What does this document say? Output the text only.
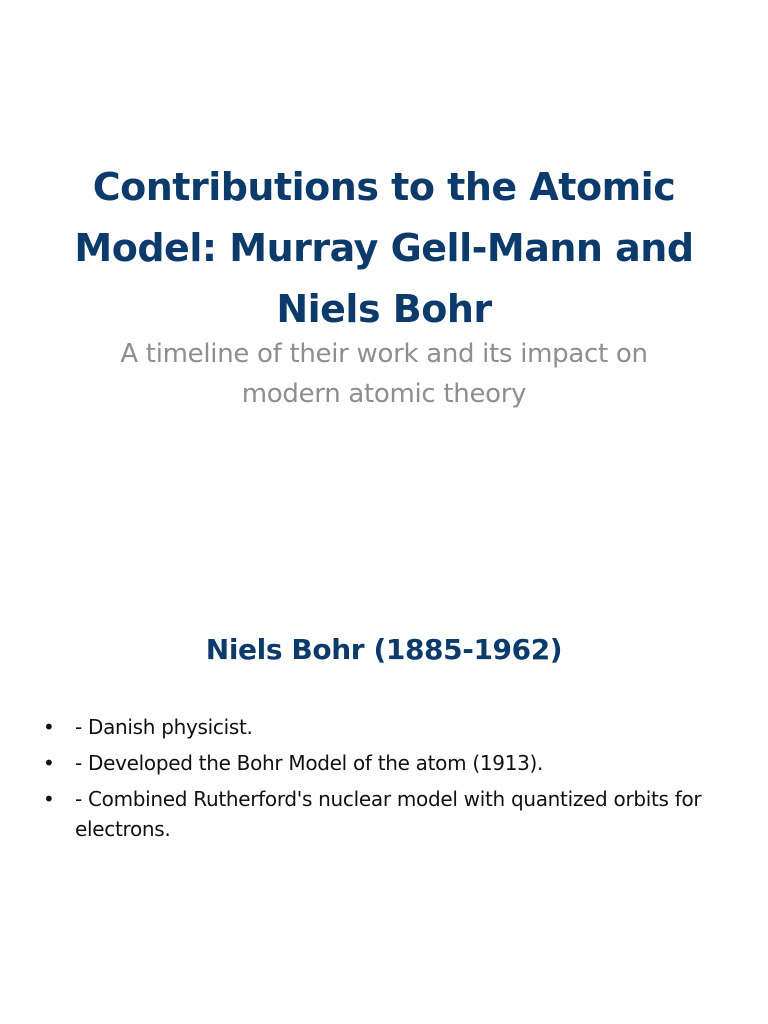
Contributions to the Atomic Model: Murray Gell-Mann and Niels Bohr

A timeline of their work and its impact on modern atomic theory

Niels Bohr (1885-1962)
• - Danish physicist.
• - Developed the Bohr Model of the atom (1913).
• - Combined Rutherford's nuclear model with quantized orbits for electrons.
